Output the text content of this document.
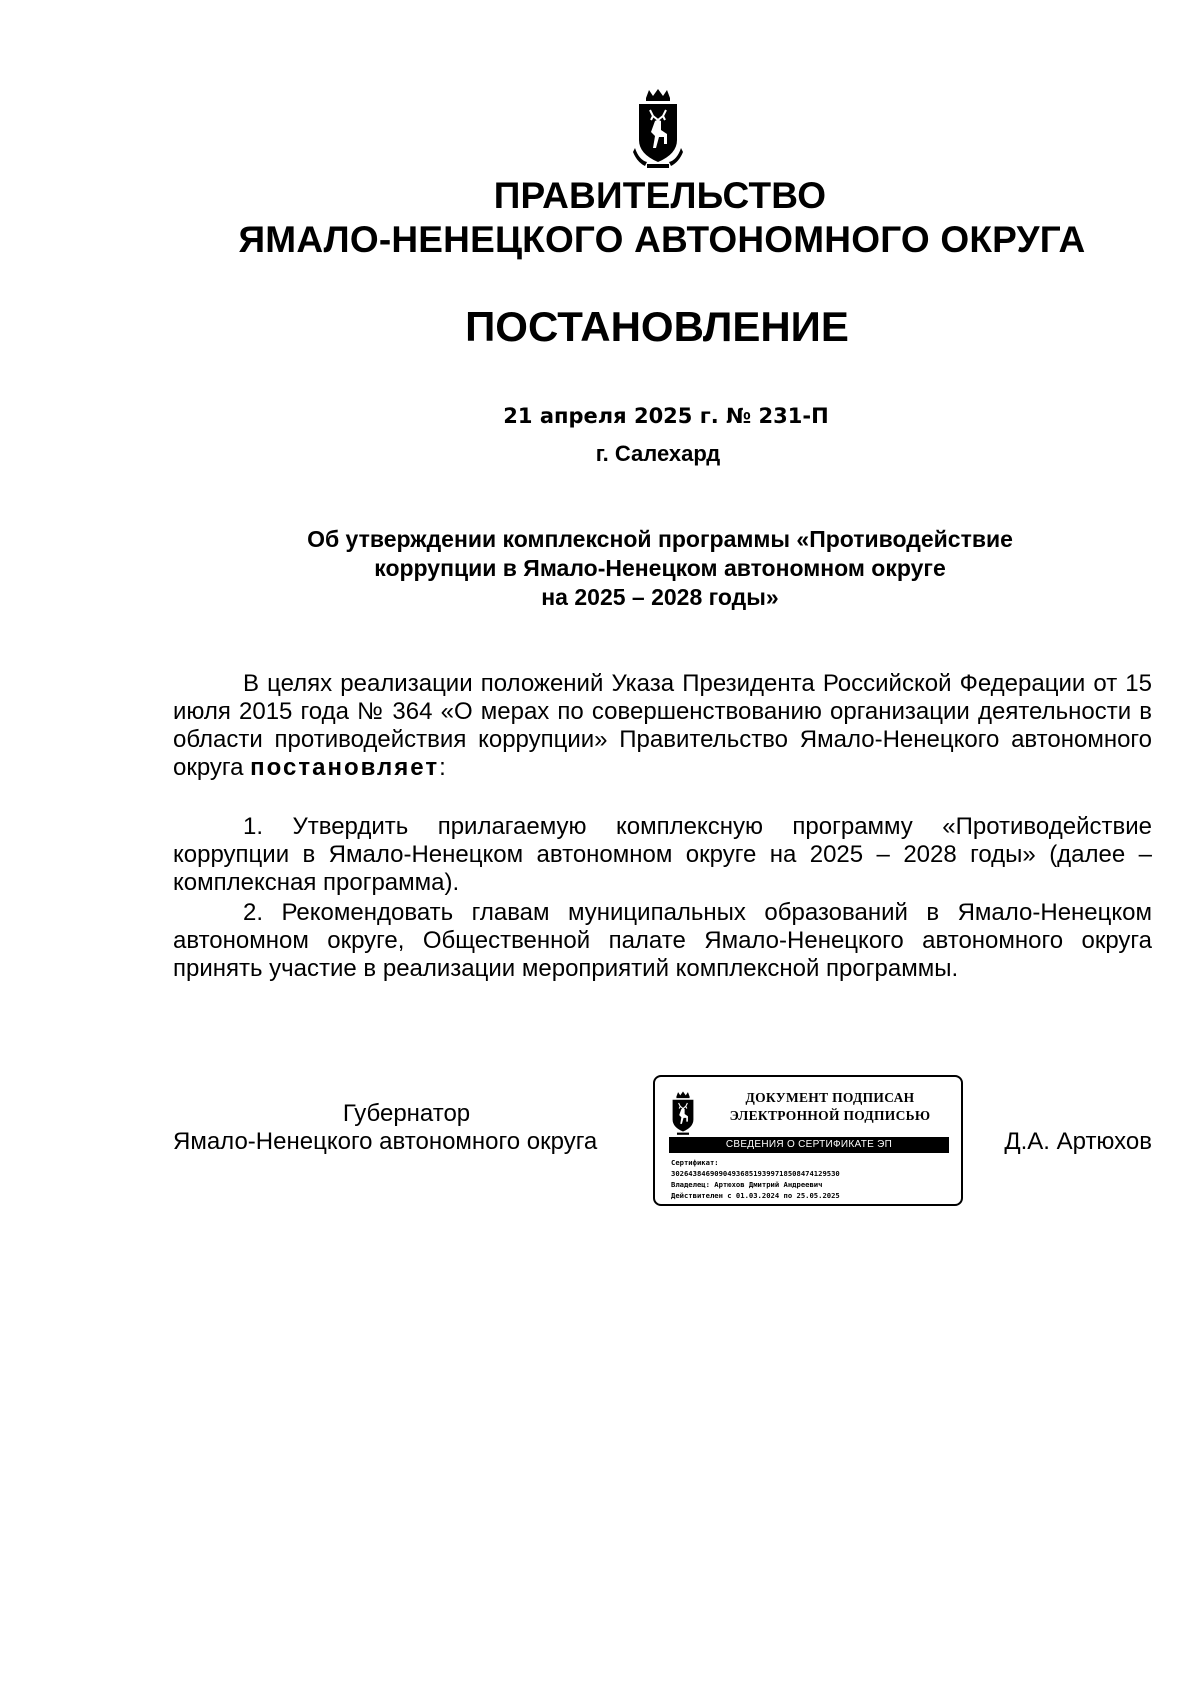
ПРАВИТЕЛЬСТВО
ЯМАЛО-НЕНЕЦКОГО АВТОНОМНОГО ОКРУГА
ПОСТАНОВЛЕНИЕ
21 апреля 2025 г. № 231-П
г. Салехард
Об утверждении комплексной программы «Противодействие
коррупции в Ямало-Ненецком автономном округе
на 2025 – 2028 годы»
В целях реализации положений Указа Президента Российской Федерации от 15 июля 2015 года № 364 «О мерах по совершенствованию организации деятельности в области противодействия коррупции» Правительство Ямало-Ненецкого автономного округа постановляет:
1. Утвердить прилагаемую комплексную программу «Противодействие коррупции в Ямало-Ненецком автономном округе на 2025 – 2028 годы» (далее – комплексная программа).
2. Рекомендовать главам муниципальных образований в Ямало-Ненецком автономном округе, Общественной палате Ямало-Ненецкого автономного округа принять участие в реализации мероприятий комплексной программы.
Губернатор
Ямало-Ненецкого автономного округа
ДОКУМЕНТ ПОДПИСАН
ЭЛЕКТРОННОЙ ПОДПИСЬЮ
СВЕДЕНИЯ О СЕРТИФИКАТЕ ЭП
Сертификат:
302643846909049368519399718508474129530
Владелец: Артюхов Дмитрий Андреевич
Действителен с 01.03.2024 по 25.05.2025
Д.А. Артюхов
